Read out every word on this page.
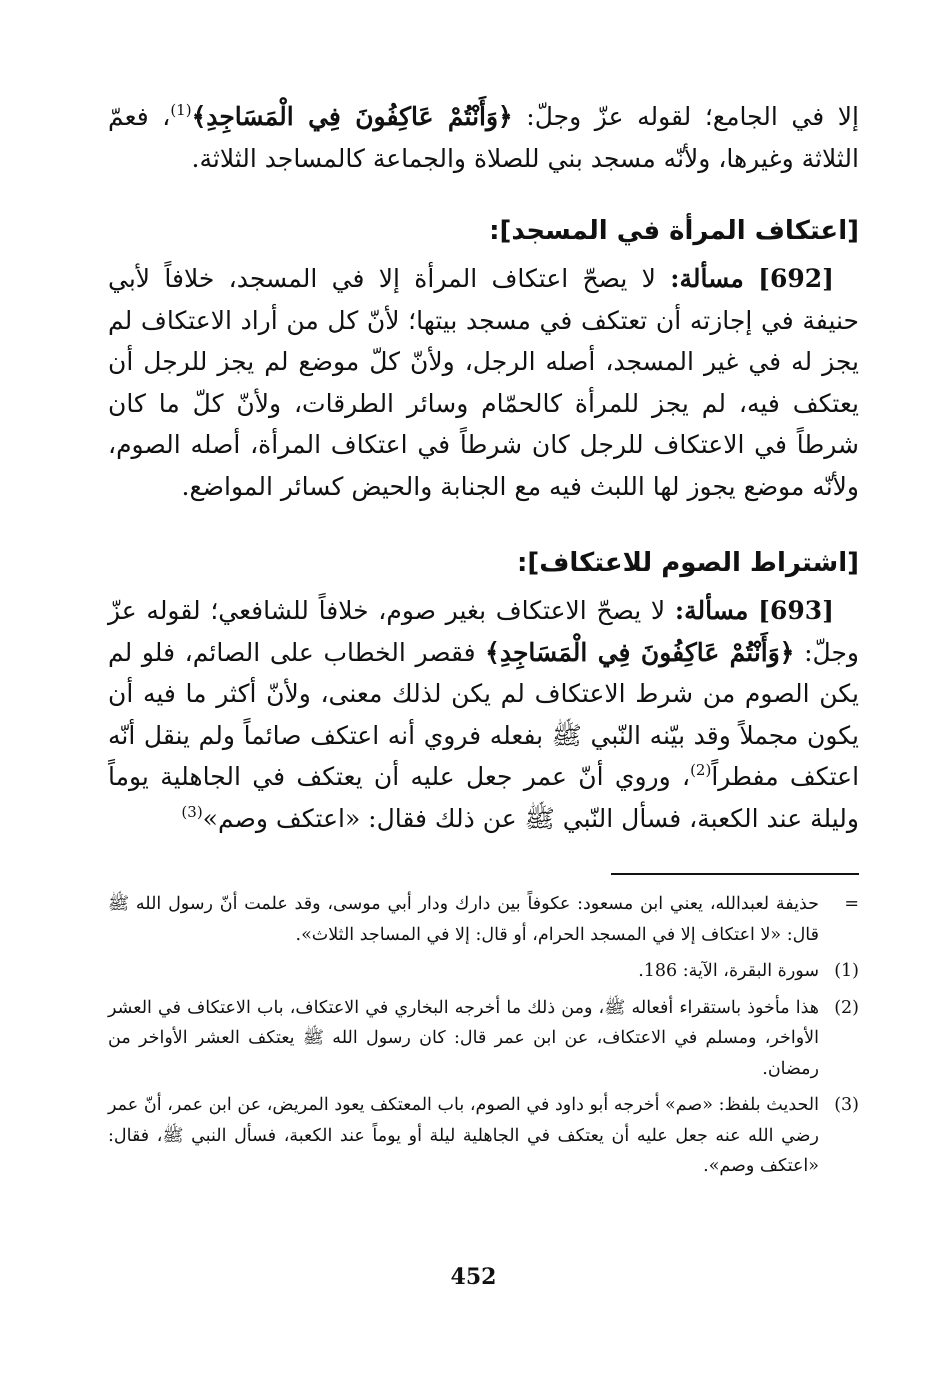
إلا في الجامع؛ لقوله عزّ وجلّ: ﴿وَأَنْتُمْ عَاكِفُونَ فِي الْمَسَاجِدِ﴾$^{(1)}$، فعمّ الثلاثة وغيرها، ولأنّه مسجد بني للصلاة والجماعة كالمساجد الثلاثة.

[اعتكاف المرأة في المسجد]:

 [692] مسألة: لا يصحّ اعتكاف المرأة إلا في المسجد، خلافاً لأبي حنيفة في إجازته أن تعتكف في مسجد بيتها؛ لأنّ كل من أراد الاعتكاف لم يجز له في غير المسجد، أصله الرجل، ولأنّ كلّ موضع لم يجز للرجل أن يعتكف فيه، لم يجز للمرأة كالحمّام وسائر الطرقات، ولأنّ كلّ ما كان شرطاً في الاعتكاف للرجل كان شرطاً في اعتكاف المرأة، أصله الصوم، ولأنّه موضع يجوز لها اللبث فيه مع الجنابة والحيض كسائر المواضع.

[اشتراط الصوم للاعتكاف]:

 [693] مسألة: لا يصحّ الاعتكاف بغير صوم، خلافاً للشافعي؛ لقوله عزّ وجلّ: ﴿وَأَنْتُمْ عَاكِفُونَ فِي الْمَسَاجِدِ﴾ فقصر الخطاب على الصائم، فلو لم يكن الصوم من شرط الاعتكاف لم يكن لذلك معنى، ولأنّ أكثر ما فيه أن يكون مجملاً وقد بيّنه النّبي ﷺ بفعله فروي أنه اعتكف صائماً ولم ينقل أنّه اعتكف مفطراً$^{(2)}$، وروي أنّ عمر جعل عليه أن يعتكف في الجاهلية يوماً وليلة عند الكعبة، فسأل النّبي ﷺ عن ذلك فقال: «اعتكف وصم»$^{(3)}$

=
حذيفة لعبدالله، يعني ابن مسعود: عكوفاً بين دارك ودار أبي موسى، وقد علمت أنّ رسول الله ﷺ قال: «لا اعتكاف إلا في المسجد الحرام، أو قال: إلا في المساجد الثلاث».
(1)
سورة البقرة، الآية: 186.
(2)
هذا مأخوذ باستقراء أفعاله ﷺ، ومن ذلك ما أخرجه البخاري في الاعتكاف، باب الاعتكاف في العشر الأواخر، ومسلم في الاعتكاف، عن ابن عمر قال: كان رسول الله ﷺ يعتكف العشر الأواخر من رمضان.
(3)
الحديث بلفظ: «صم» أخرجه أبو داود في الصوم، باب المعتكف يعود المريض، عن ابن عمر، أنّ عمر رضي الله عنه جعل عليه أن يعتكف في الجاهلية ليلة أو يوماً عند الكعبة، فسأل النبي ﷺ، فقال: «اعتكف وصم».
452
